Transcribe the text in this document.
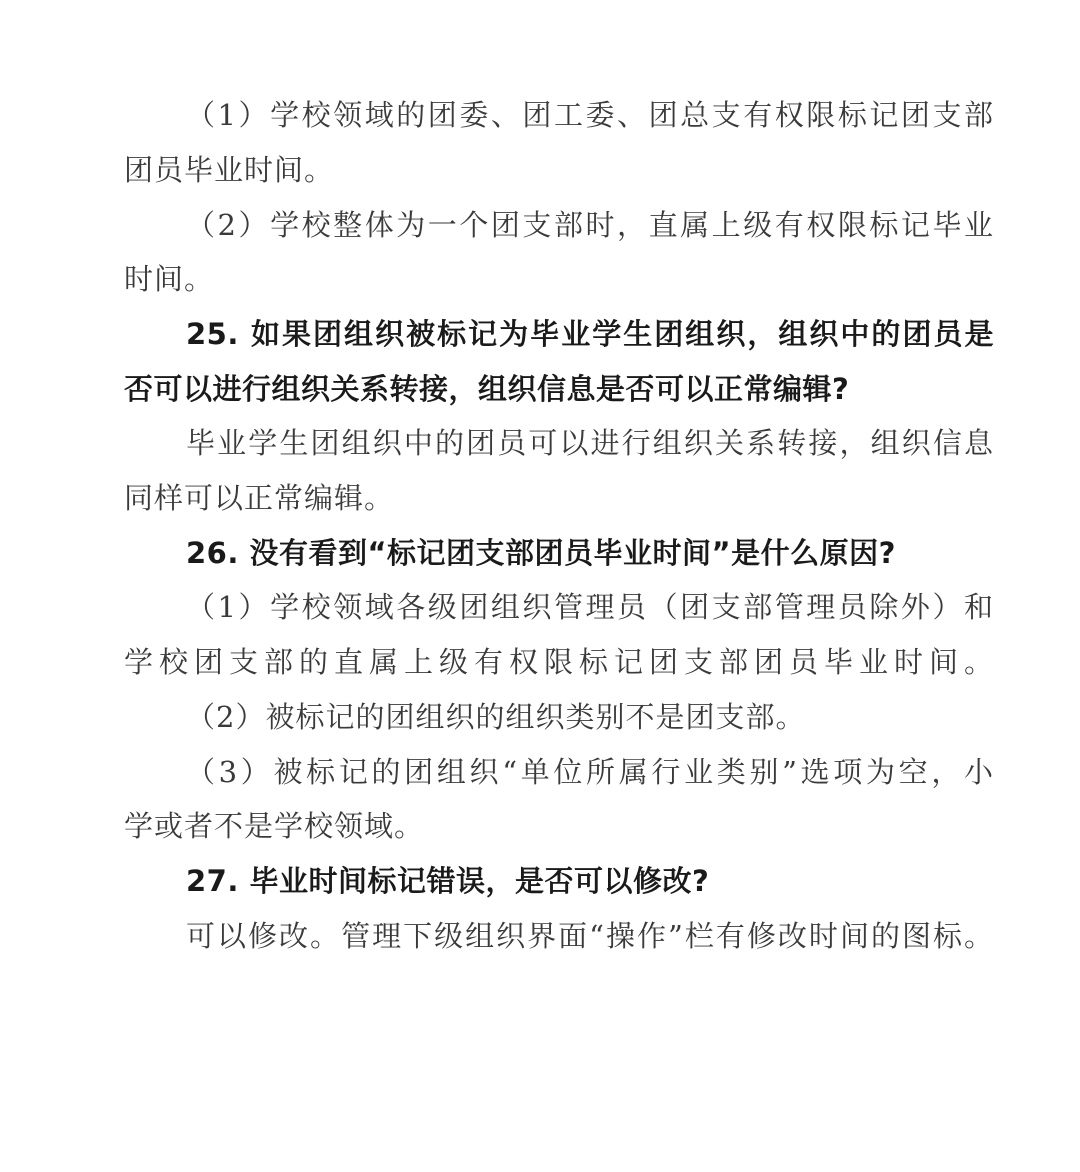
（1）学校领域的团委、团工委、团总支有权限标记团支部
团员毕业时间。
（2）学校整体为一个团支部时，直属上级有权限标记毕业
时间。
25. 如果团组织被标记为毕业学生团组织，组织中的团员是
否可以进行组织关系转接，组织信息是否可以正常编辑?
毕业学生团组织中的团员可以进行组织关系转接，组织信息
同样可以正常编辑。
26. 没有看到“标记团支部团员毕业时间”是什么原因?
（1）学校领域各级团组织管理员（团支部管理员除外）和
学校团支部的直属上级有权限标记团支部团员毕业时间。
（2）被标记的团组织的组织类别不是团支部。
（3）被标记的团组织“单位所属行业类别”选项为空，小
学或者不是学校领域。
27. 毕业时间标记错误，是否可以修改?
可以修改。管理下级组织界面“操作”栏有修改时间的图标。
